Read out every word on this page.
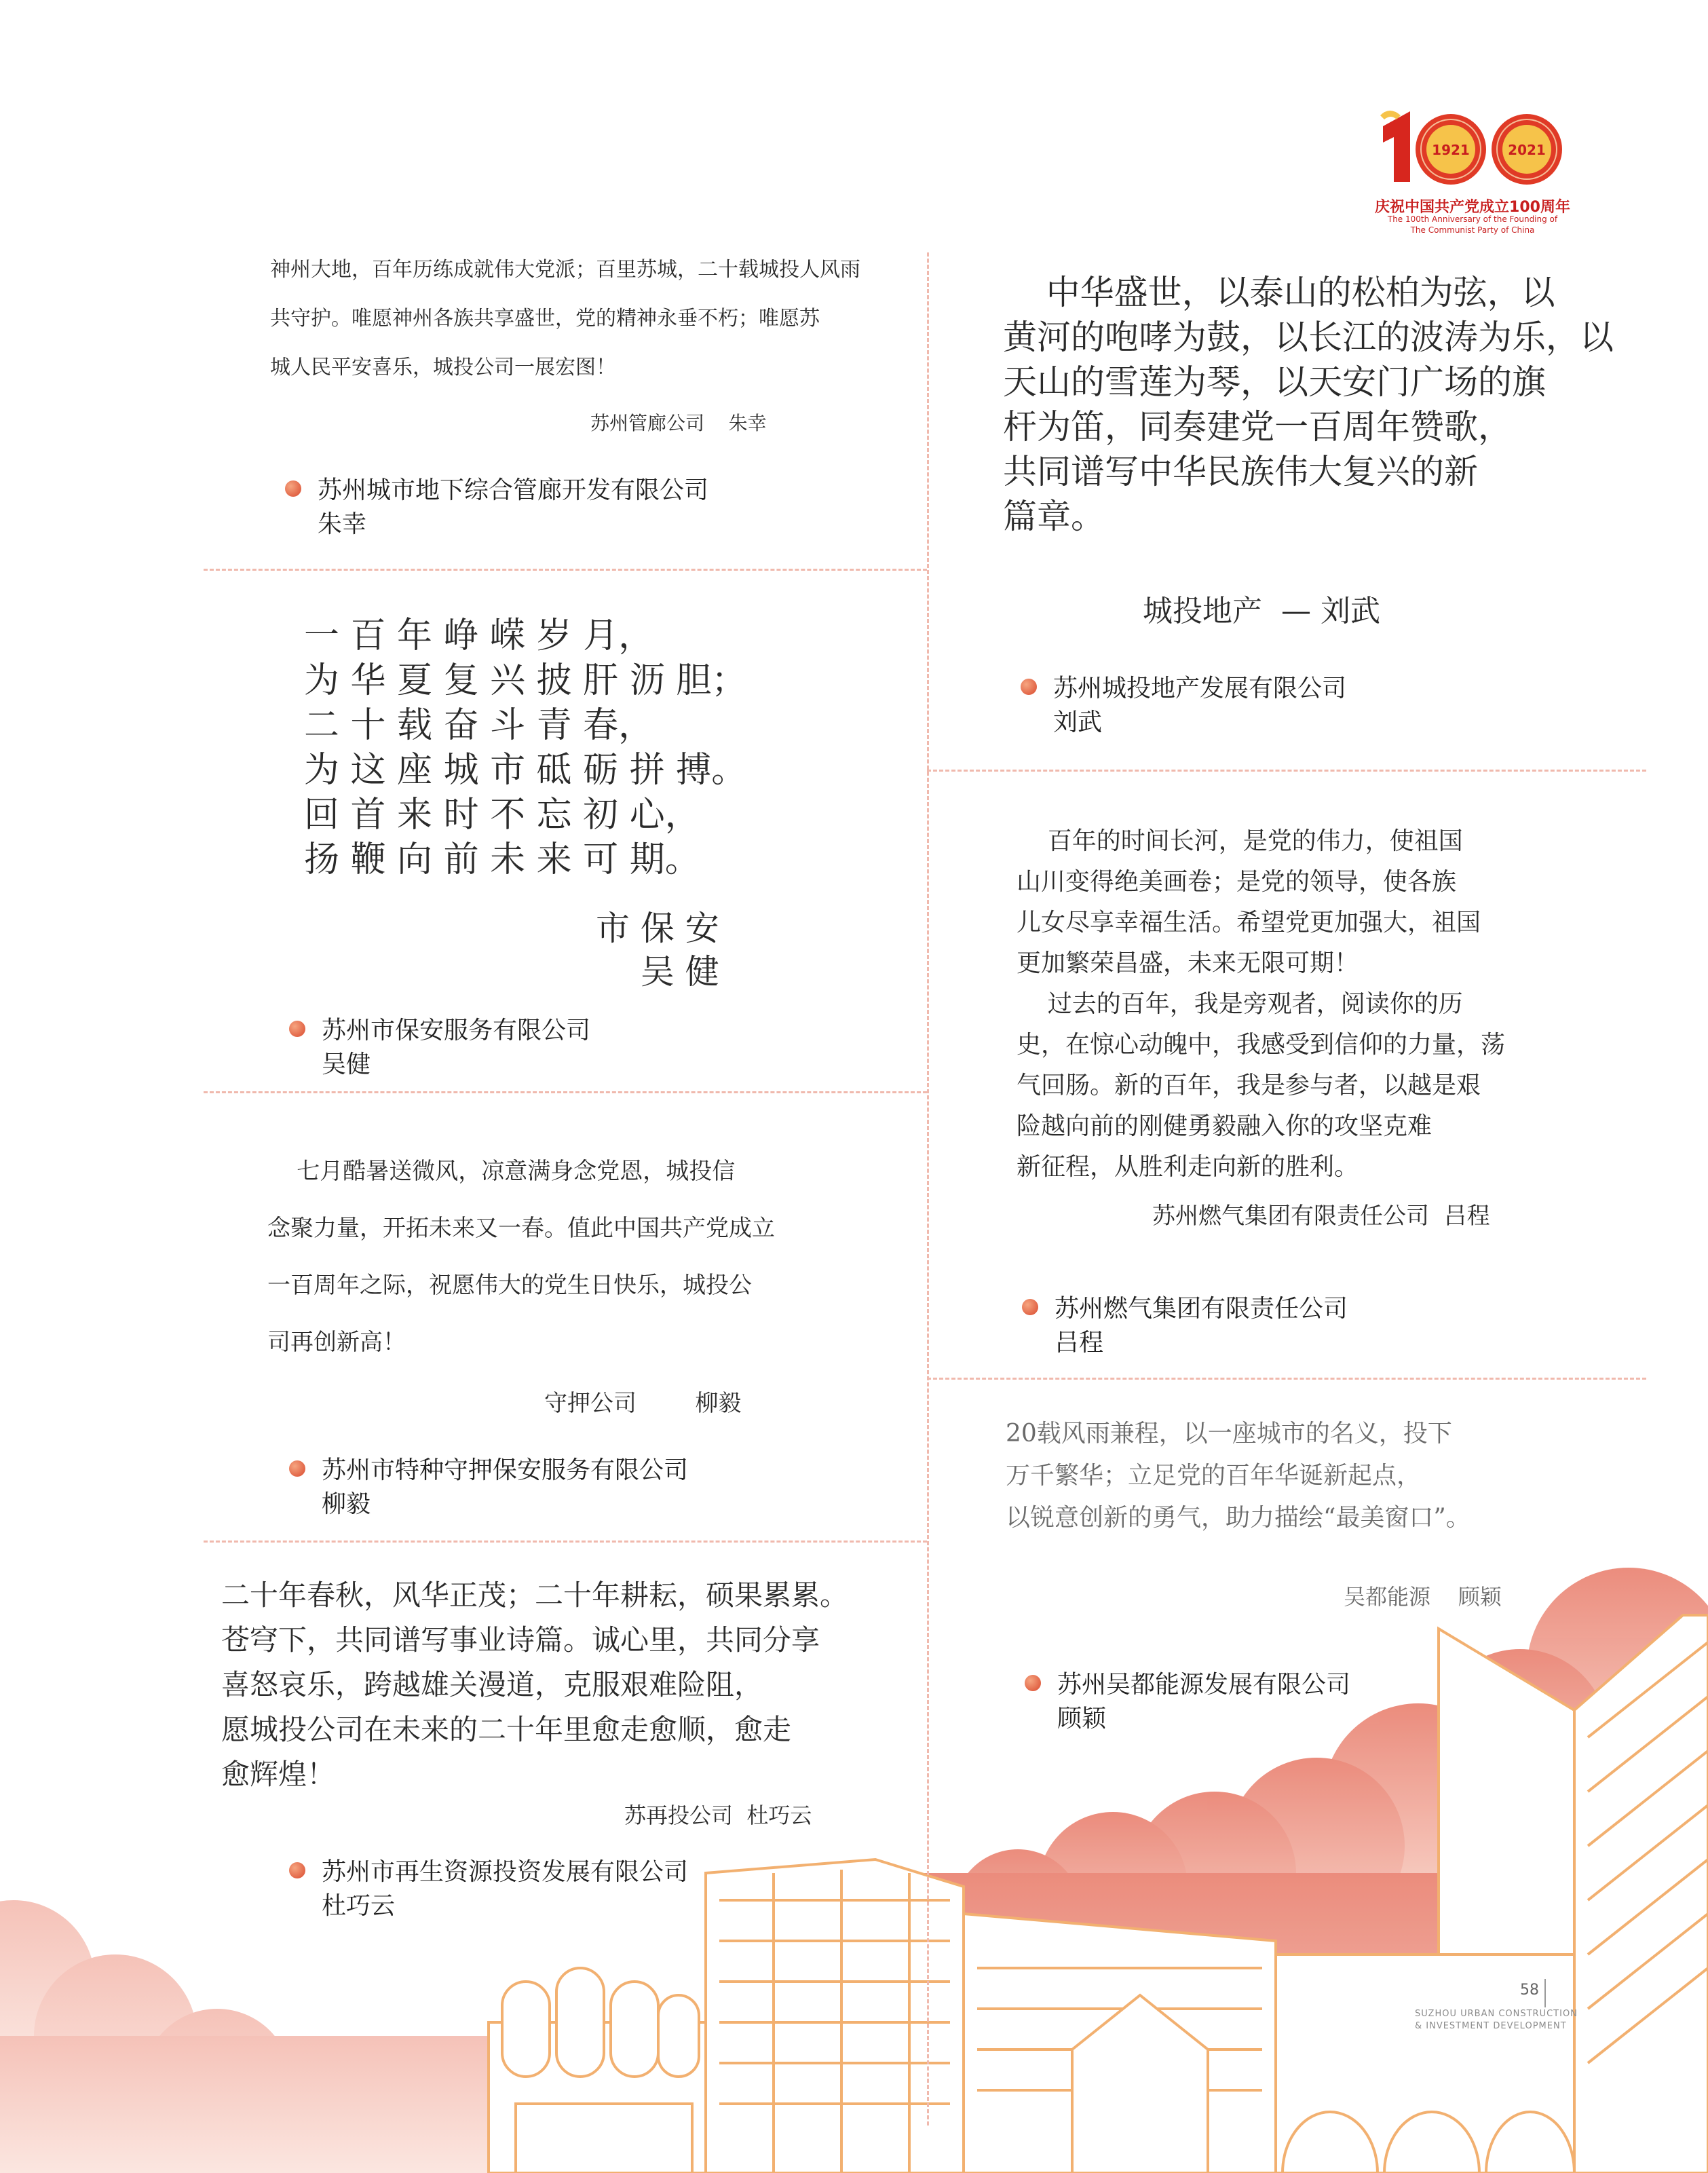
1921	2021
庆祝中国共产党成立100周年
The 100th Anniversary of the Founding of
The Communist Party of China
神州大地，百年历练成就伟大党派；百里苏城，二十载城投人风雨
共守护。唯愿神州各族共享盛世，党的精神永垂不朽；唯愿苏
城人民平安喜乐，城投公司一展宏图！
苏州管廊公司    朱幸
苏州城市地下综合管廊开发有限公司
朱幸
一 百 年 峥 嵘 岁 月，
为 华 夏 复 兴 披 肝 沥 胆；
二 十 载 奋 斗 青 春，
为 这 座 城 市 砥 砺 拼 搏。
回 首 来 时 不 忘 初 心，
扬 鞭 向 前 未 来 可 期。
市 保 安
吴 健
苏州市保安服务有限公司
吴健
七月酷暑送微风，凉意满身念党恩，城投信
念聚力量，开拓未来又一春。值此中国共产党成立
一百周年之际，祝愿伟大的党生日快乐，城投公
司再创新高！
守押公司        柳毅
苏州市特种守押保安服务有限公司
柳毅
二十年春秋，风华正茂；二十年耕耘，硕果累累。
苍穹下，共同谱写事业诗篇。诚心里，共同分享
喜怒哀乐，跨越雄关漫道，克服艰难险阻，
愿城投公司在未来的二十年里愈走愈顺，愈走
愈辉煌！
苏再投公司  杜巧云
苏州市再生资源投资发展有限公司
杜巧云
中华盛世，以泰山的松柏为弦，以
黄河的咆哮为鼓，以长江的波涛为乐，以
天山的雪莲为琴，以天安门广场的旗
杆为笛，同奏建党一百周年赞歌，
共同谱写中华民族伟大复兴的新
篇章。
城投地产  — 刘武
苏州城投地产发展有限公司
刘武
百年的时间长河，是党的伟力，使祖国
山川变得绝美画卷；是党的领导，使各族
儿女尽享幸福生活。希望党更加强大，祖国
更加繁荣昌盛，未来无限可期！
过去的百年，我是旁观者，阅读你的历
史，在惊心动魄中，我感受到信仰的力量，荡
气回肠。新的百年，我是参与者，以越是艰
险越向前的刚健勇毅融入你的攻坚克难
新征程，从胜利走向新的胜利。
苏州燃气集团有限责任公司  吕程
苏州燃气集团有限责任公司
吕程
20载风雨兼程，以一座城市的名义，投下
万千繁华；立足党的百年华诞新起点，
以锐意创新的勇气，助力描绘“最美窗口”。
吴都能源    顾颖
苏州吴都能源发展有限公司
顾颖
58
SUZHOU URBAN CONSTRUCTION
& INVESTMENT DEVELOPMENT
